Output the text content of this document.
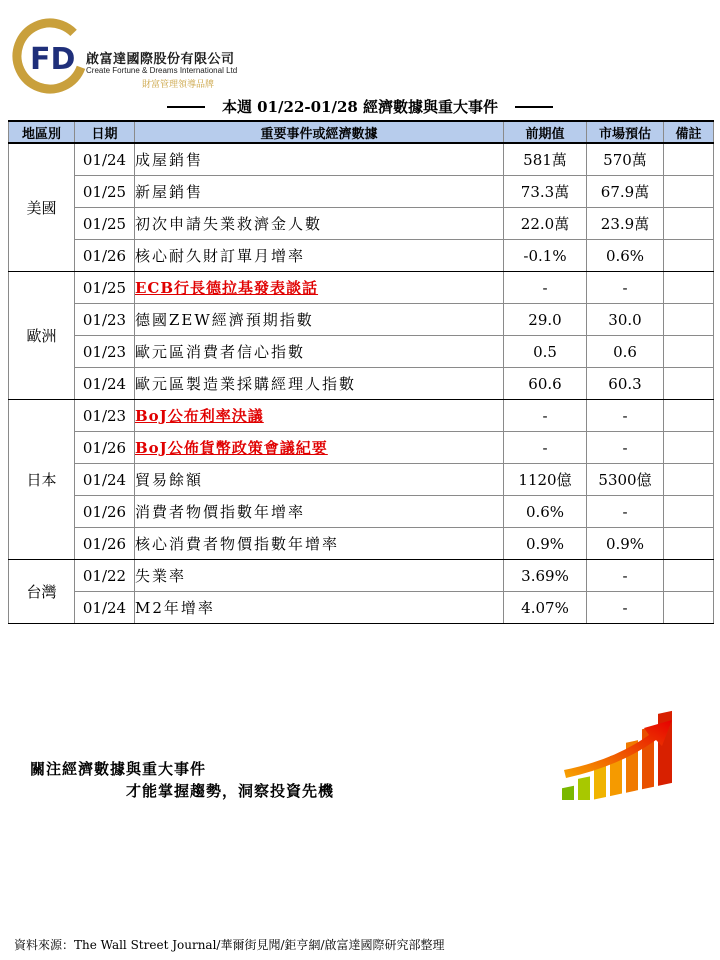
FD 啟富達國際股份有限公司
Create Fortune & Dreams International Ltd
財富管理領導品牌
本週 01/22-01/28 經濟數據與重大事件
地區別	日期	重要事件或經濟數據	前期值	市場預估	備註
美國	01/24	成屋銷售	581萬	570萬	
	01/25	新屋銷售	73.3萬	67.9萬	
	01/25	初次申請失業救濟金人數	22.0萬	23.9萬	
	01/26	核心耐久財訂單月增率	-0.1%	0.6%	
歐洲	01/25	ECB行長德拉基發表談話	-	-	
	01/23	德國ZEW經濟預期指數	29.0	30.0	
	01/23	歐元區消費者信心指數	0.5	0.6	
	01/24	歐元區製造業採購經理人指數	60.6	60.3	
日本	01/23	BoJ公布利率決議	-	-	
	01/26	BoJ公佈貨幣政策會議紀要	-	-	
	01/24	貿易餘額	1120億	5300億	
	01/26	消費者物價指數年增率	0.6%	-	
	01/26	核心消費者物價指數年增率	0.9%	0.9%	
台灣	01/22	失業率	3.69%	-	
	01/24	M2年增率	4.07%	-	
關注經濟數據與重大事件
才能掌握趨勢，洞察投資先機
資料來源：The Wall Street Journal/華爾街見聞/鉅亨網/啟富達國際研究部整理
